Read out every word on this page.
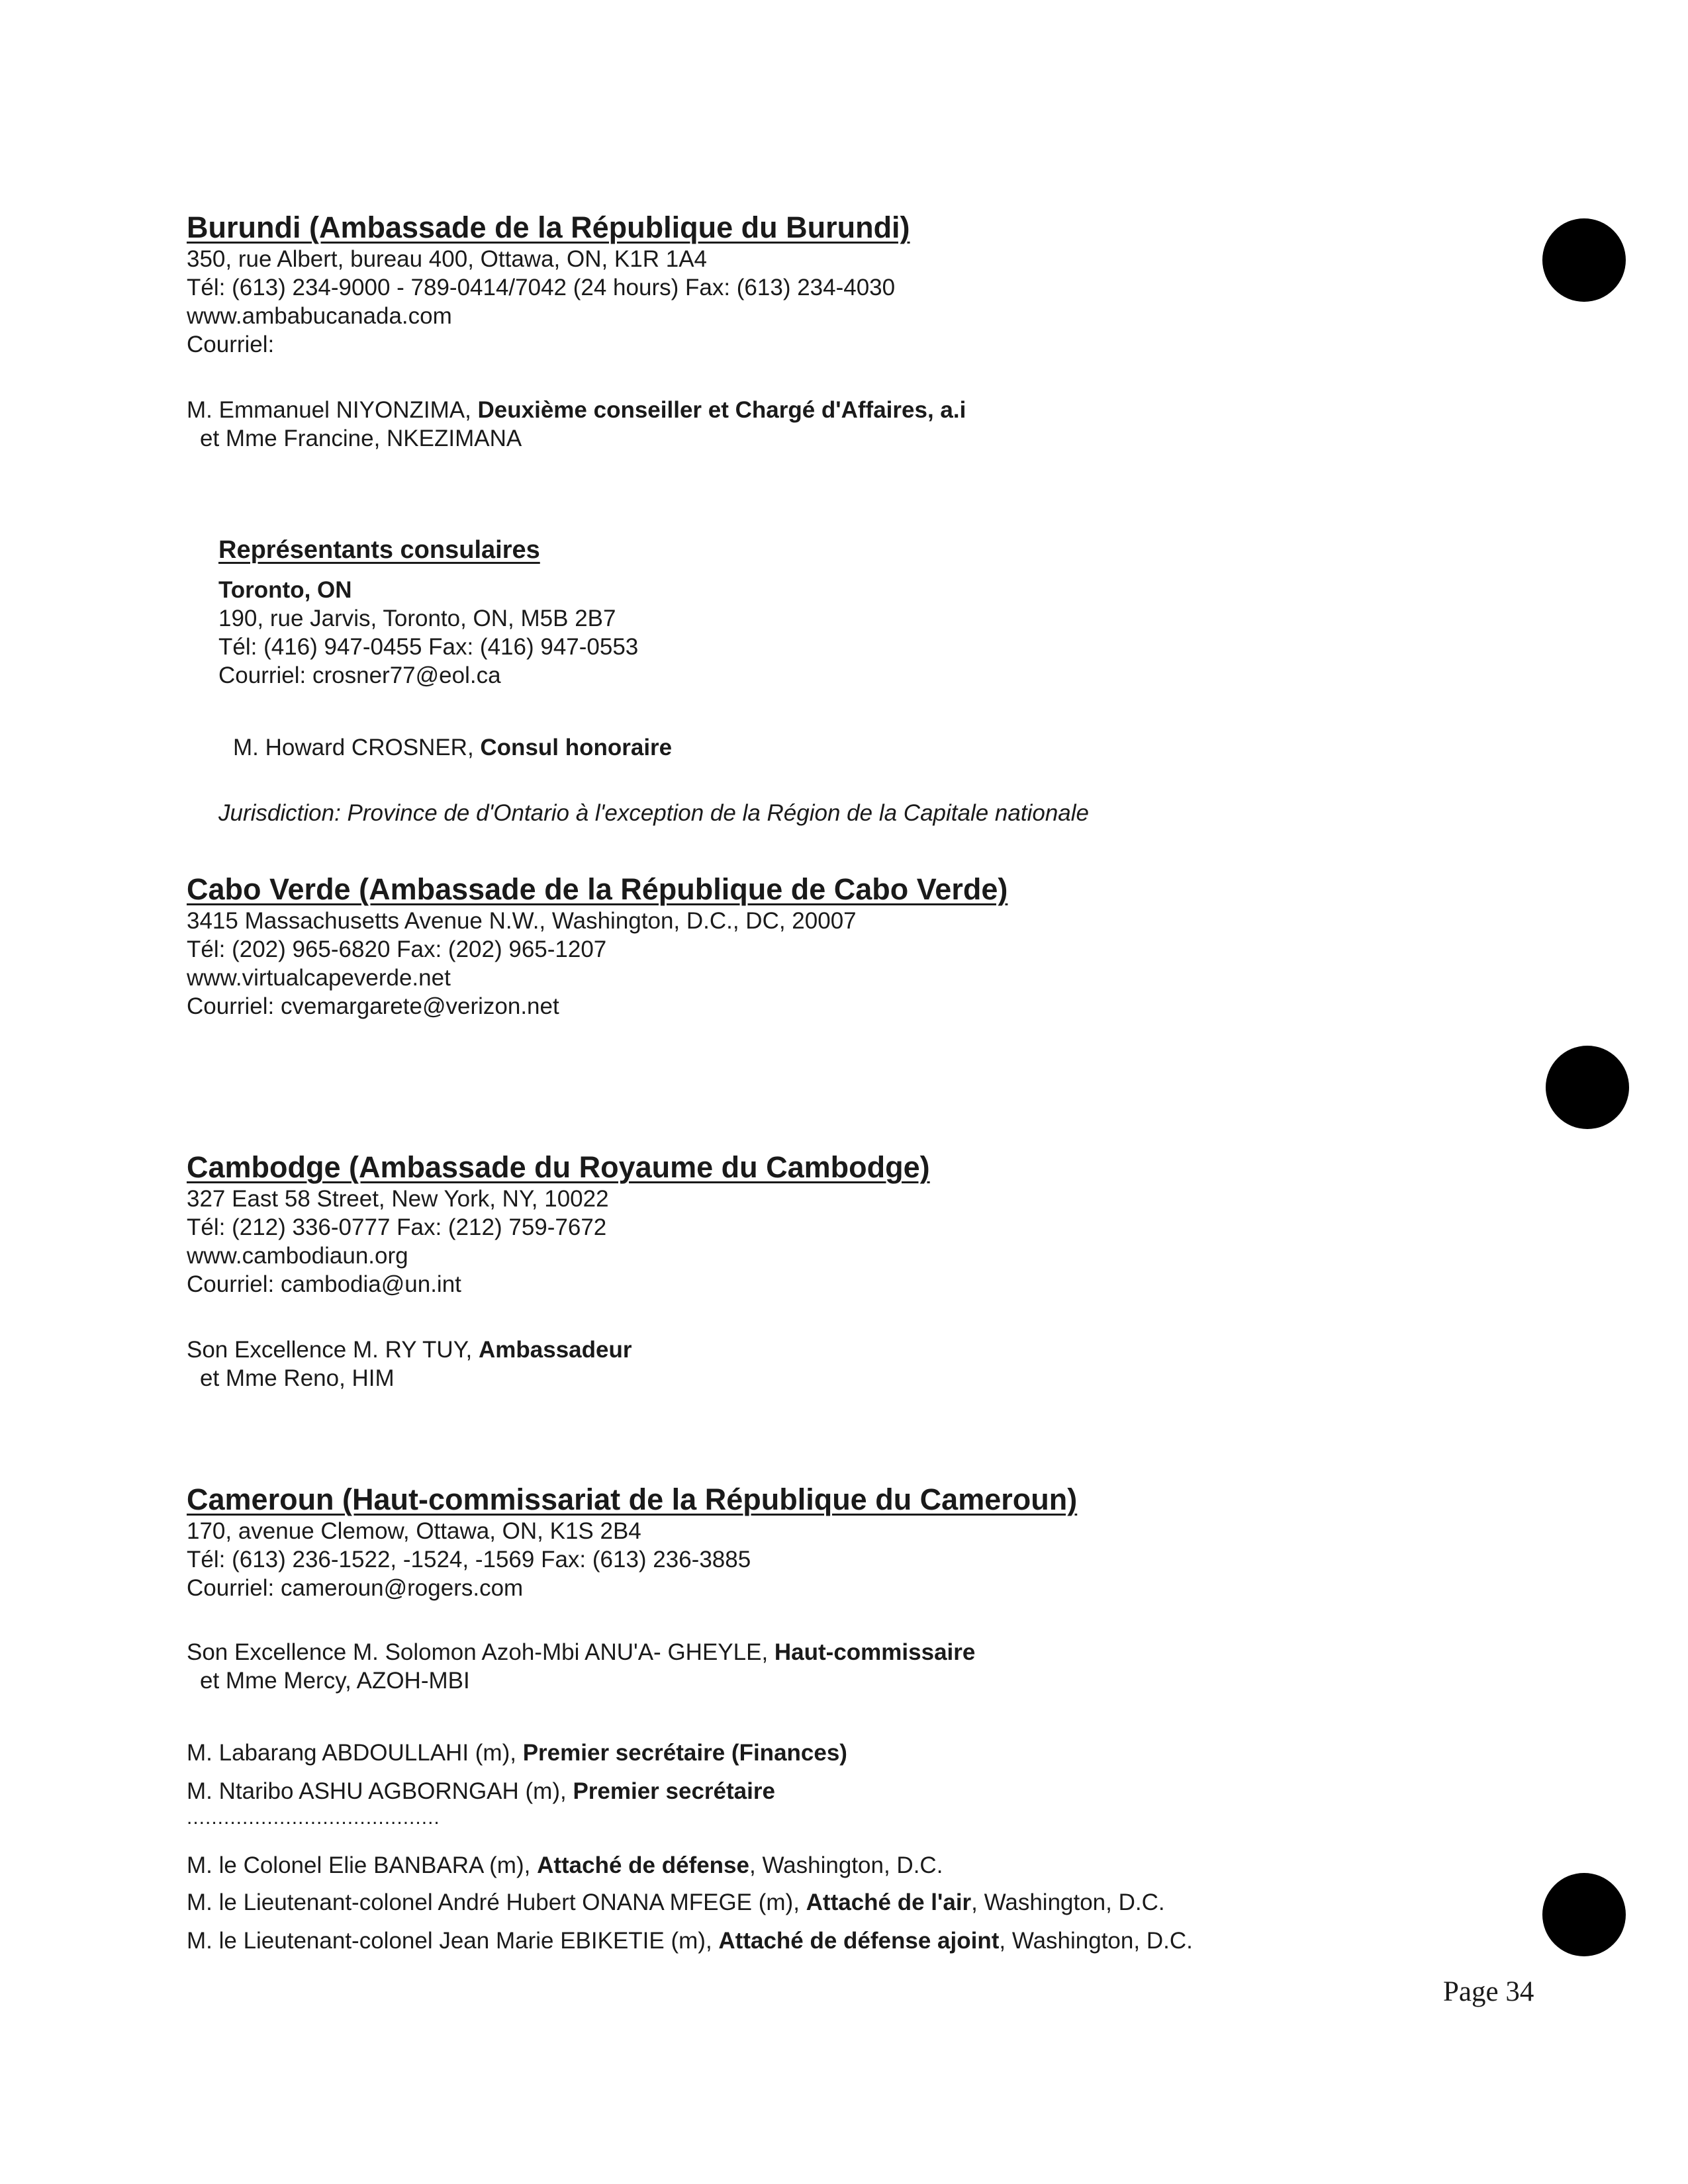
Burundi (Ambassade de la République du Burundi)
350, rue Albert, bureau 400, Ottawa, ON, K1R 1A4
Tél: (613) 234-9000 - 789-0414/7042 (24 hours) Fax: (613) 234-4030
www.ambabucanada.com
Courriel:
M. Emmanuel NIYONZIMA, Deuxième conseiller et Chargé d'Affaires, a.i
et Mme Francine, NKEZIMANA
Représentants consulaires
Toronto, ON
190, rue Jarvis, Toronto, ON, M5B 2B7
Tél: (416) 947-0455 Fax: (416) 947-0553
Courriel: crosner77@eol.ca
M. Howard CROSNER, Consul honoraire
Jurisdiction: Province de d'Ontario à l'exception de la Région de la Capitale nationale
Cabo Verde (Ambassade de la République de Cabo Verde)
3415 Massachusetts Avenue N.W., Washington, D.C., DC, 20007
Tél: (202) 965-6820 Fax: (202) 965-1207
www.virtualcapeverde.net
Courriel: cvemargarete@verizon.net
Cambodge (Ambassade du Royaume du Cambodge)
327 East 58 Street, New York, NY, 10022
Tél: (212) 336-0777 Fax: (212) 759-7672
www.cambodiaun.org
Courriel: cambodia@un.int
Son Excellence M. RY TUY, Ambassadeur
et Mme Reno, HIM
Cameroun (Haut-commissariat de la République du Cameroun)
170, avenue Clemow, Ottawa, ON, K1S 2B4
Tél: (613) 236-1522, -1524, -1569 Fax: (613) 236-3885
Courriel: cameroun@rogers.com
Son Excellence M. Solomon Azoh-Mbi ANU'A- GHEYLE, Haut-commissaire
et Mme Mercy, AZOH-MBI
M. Labarang ABDOULLAHI (m), Premier secrétaire (Finances)
M. Ntaribo ASHU AGBORNGAH (m), Premier secrétaire
.........................................
M. le Colonel Elie BANBARA (m), Attaché de défense, Washington, D.C.
M. le Lieutenant-colonel André Hubert ONANA MFEGE (m), Attaché de l'air, Washington, D.C.
M. le Lieutenant-colonel Jean Marie EBIKETIE (m), Attaché de défense ajoint, Washington, D.C.
Page 34
